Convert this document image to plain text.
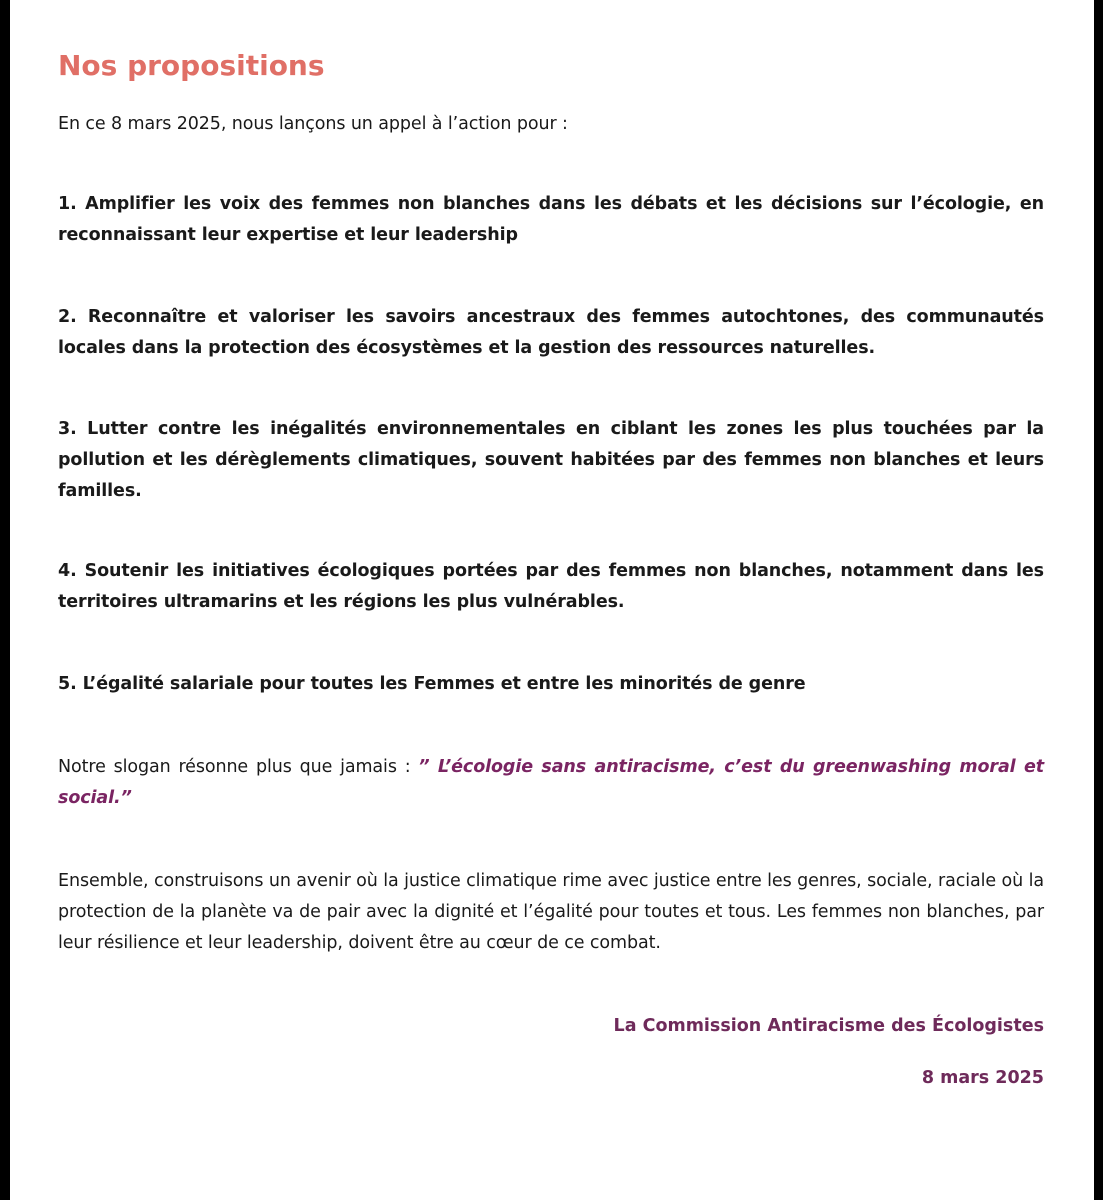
Nos propositions

En ce 8 mars 2025, nous lançons un appel à l’action pour :

1. Amplifier les voix des femmes non blanches dans les débats et les décisions sur l’écologie, en reconnaissant leur expertise et leur leadership

2. Reconnaître et valoriser les savoirs ancestraux des femmes autochtones, des communautés locales dans la protection des écosystèmes et la gestion des ressources naturelles.

3. Lutter contre les inégalités environnementales en ciblant les zones les plus touchées par la pollution et les dérèglements climatiques, souvent habitées par des femmes non blanches et leurs familles.

4. Soutenir les initiatives écologiques portées par des femmes non blanches, notamment dans les territoires ultramarins et les régions les plus vulnérables.

5. L’égalité salariale pour toutes les Femmes et entre les minorités de genre

Notre slogan résonne plus que jamais : ” L’écologie sans antiracisme, c’est du greenwashing moral et social.”

Ensemble, construisons un avenir où la justice climatique rime avec justice entre les genres, sociale, raciale où la protection de la planète va de pair avec la dignité et l’égalité pour toutes et tous. Les femmes non blanches, par leur résilience et leur leadership, doivent être au cœur de ce combat.

La Commission Antiracisme des Écologistes

8 mars 2025
